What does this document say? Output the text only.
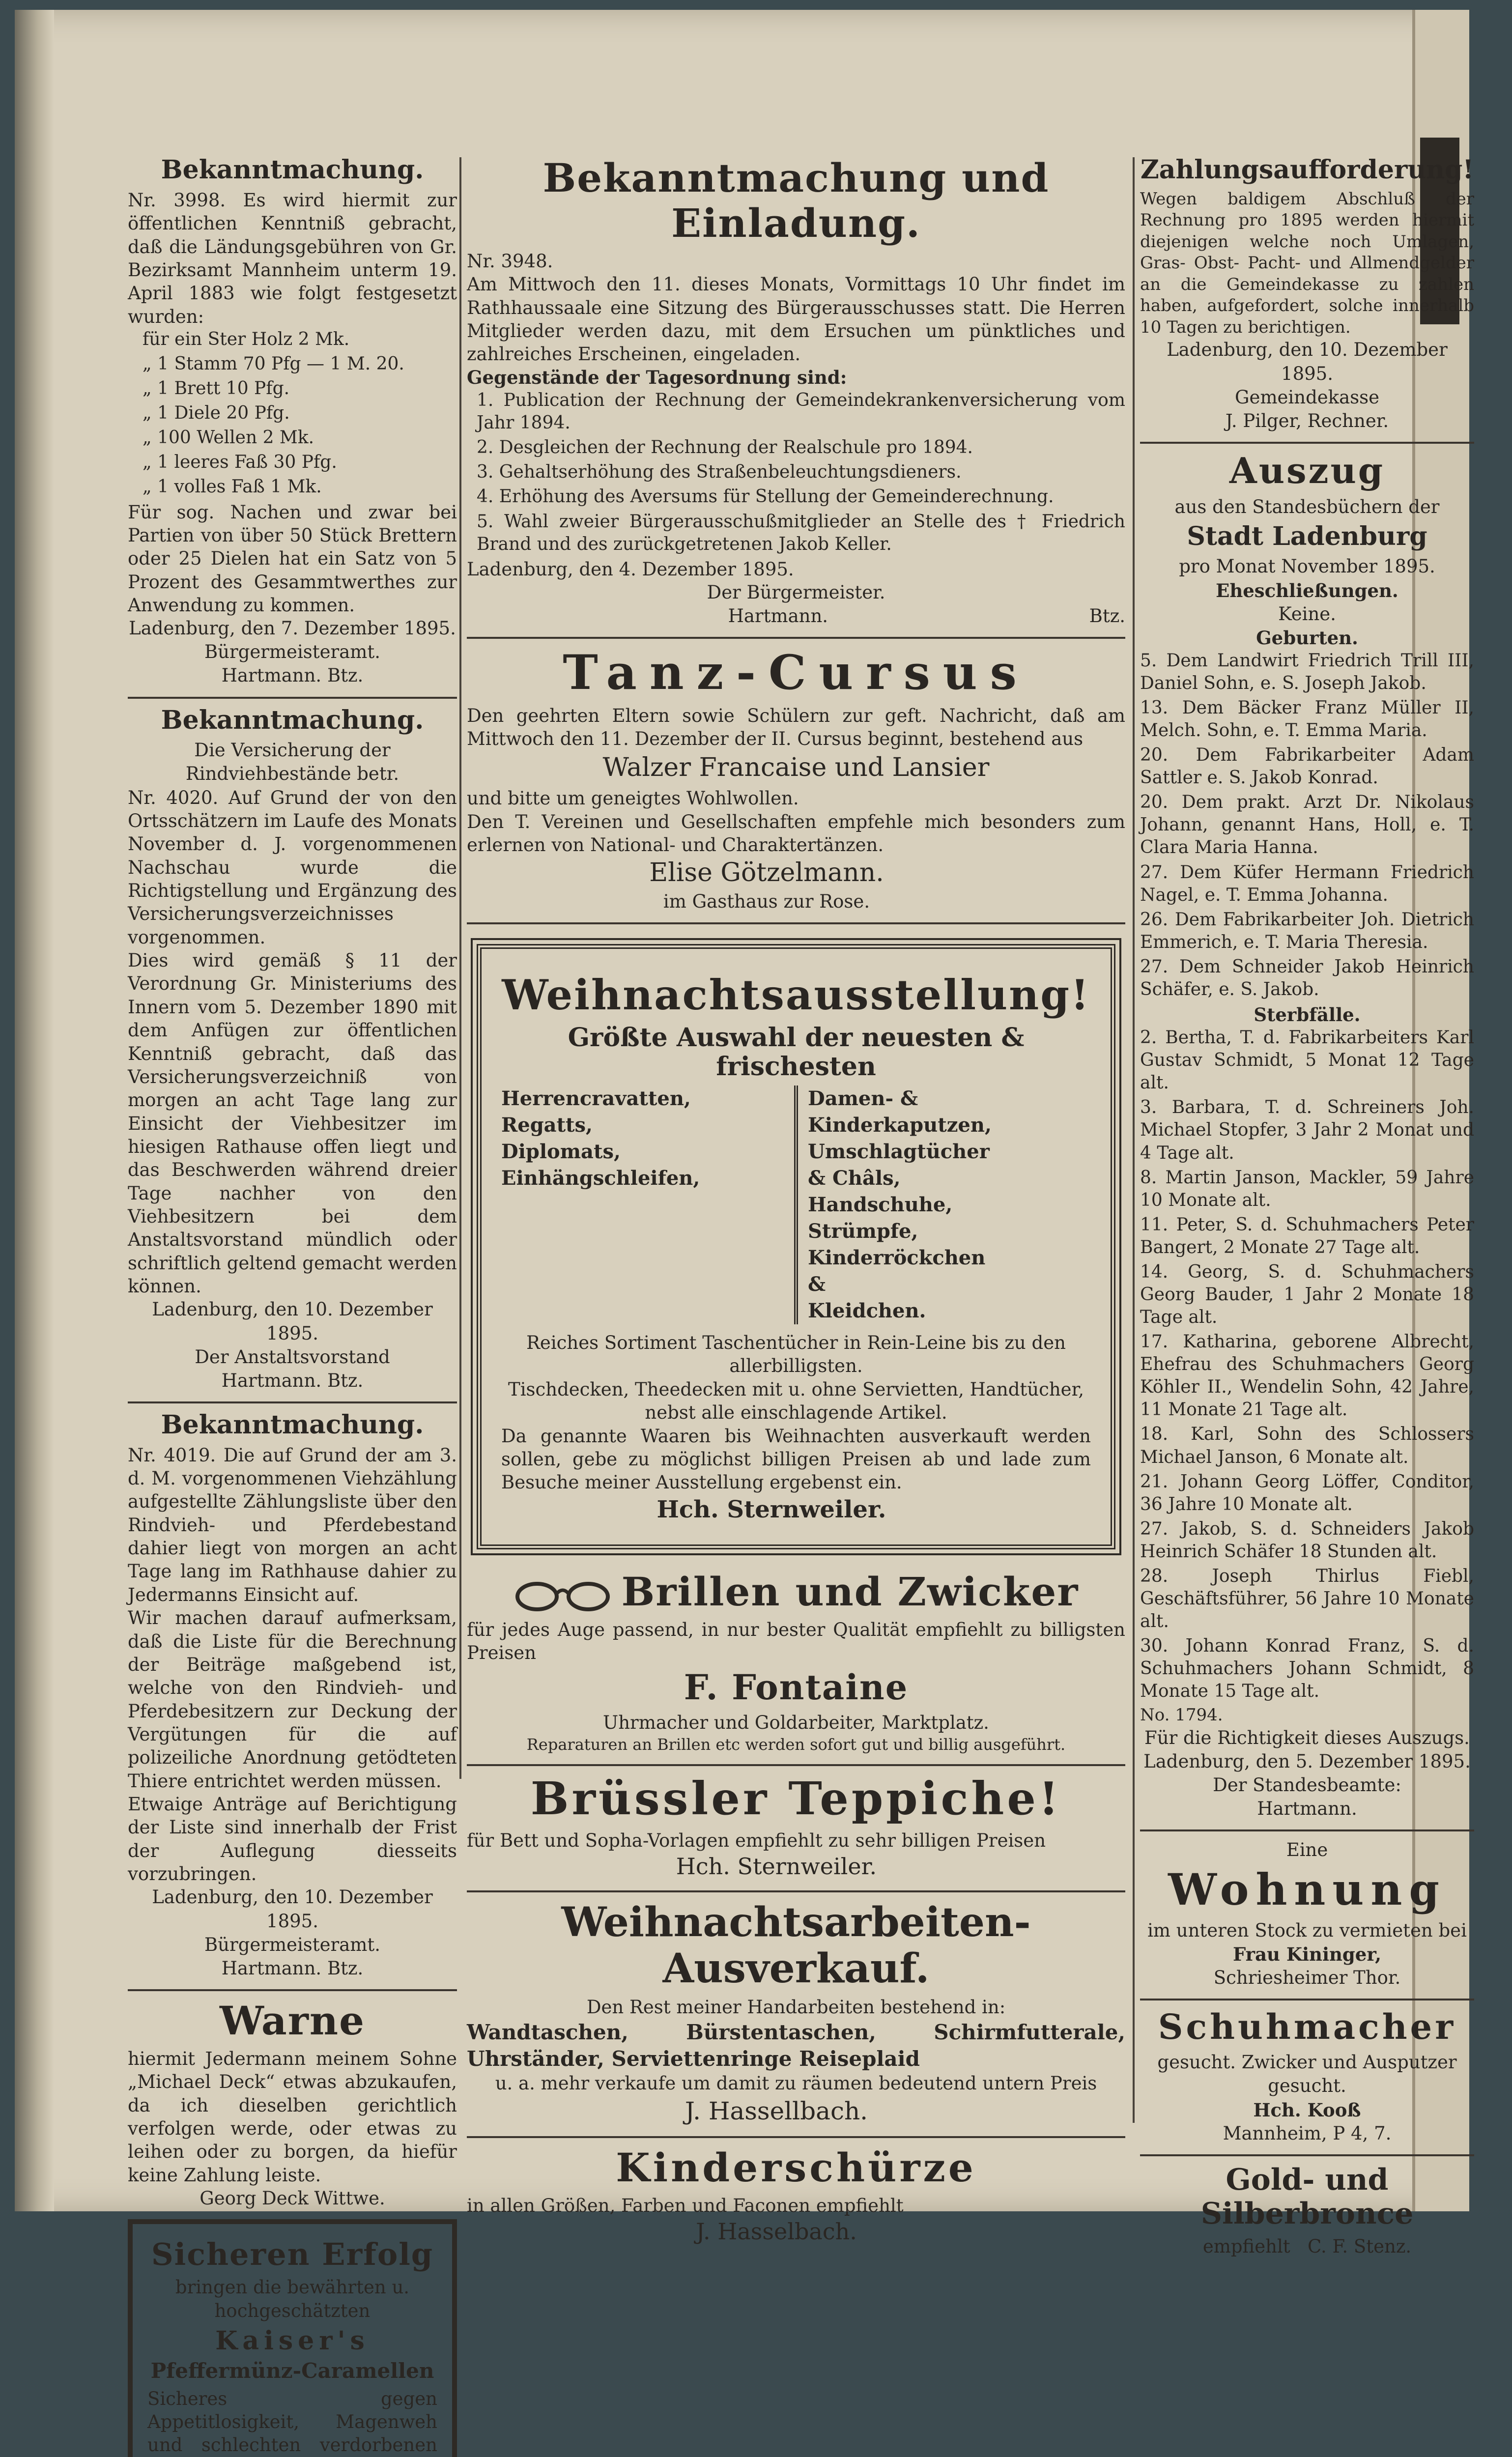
Bekanntmachung.

Nr. 3998. Es wird hiermit zur öffentlichen Kenntniß gebracht, daß die Ländungsgebühren von Gr. Bezirksamt Mannheim unterm 19. April 1883 wie folgt festgesetzt wurden:

für ein Ster Holz 2 Mk.
„ 1 Stamm 70 Pfg — 1 M. 20.
„ 1 Brett 10 Pfg.
„ 1 Diele 20 Pfg.
„ 100 Wellen 2 Mk.
„ 1 leeres Faß 30 Pfg.
„ 1 volles Faß 1 Mk.

Für sog. Nachen und zwar bei Partien von über 50 Stück Brettern oder 25 Dielen hat ein Satz von 5 Prozent des Gesammtwerthes zur Anwendung zu kommen.

Ladenburg, den 7. Dezember 1895.
Bürgermeisteramt.
Hartmann. Btz.
Bekanntmachung.
Die Versicherung der Rindviehbestände betr.

Nr. 4020. Auf Grund der von den Ortsschätzern im Laufe des Monats November d. J. vorgenommenen Nachschau wurde die Richtigstellung und Ergänzung des Versicherungsverzeichnisses vorgenommen.

Dies wird gemäß § 11 der Verordnung Gr. Ministeriums des Innern vom 5. Dezember 1890 mit dem Anfügen zur öffentlichen Kenntniß gebracht, daß das Versicherungsverzeichniß von morgen an acht Tage lang zur Einsicht der Viehbesitzer im hiesigen Rathause offen liegt und das Beschwerden während dreier Tage nachher von den Viehbesitzern bei dem Anstaltsvorstand mündlich oder schriftlich geltend gemacht werden können.

Ladenburg, den 10. Dezember 1895.
Der Anstaltsvorstand
Hartmann. Btz.
Bekanntmachung.

Nr. 4019. Die auf Grund der am 3. d. M. vorgenommenen Viehzählung aufgestellte Zählungsliste über den Rindvieh- und Pferdebestand dahier liegt von morgen an acht Tage lang im Rathhause dahier zu Jedermanns Einsicht auf.

Wir machen darauf aufmerksam, daß die Liste für die Berechnung der Beiträge maßgebend ist, welche von den Rindvieh- und Pferdebesitzern zur Deckung der Vergütungen für die auf polizeiliche Anordnung getödteten Thiere entrichtet werden müssen.

Etwaige Anträge auf Berichtigung der Liste sind innerhalb der Frist der Auflegung diesseits vorzubringen.

Ladenburg, den 10. Dezember 1895.
Bürgermeisteramt.
Hartmann. Btz.
Warne

hiermit Jedermann meinem Sohne „Michael Deck“ etwas abzukaufen, da ich dieselben gerichtlich verfolgen werde, oder etwas zu leihen oder zu borgen, da hiefür keine Zahlung leiste.

Georg Deck Wittwe.
Sicheren Erfolg
bringen die bewährten u. hochgeschätzten
Kaiser's
Pfeffermünz-Caramellen

Sicheres gegen Appetitlosigkeit, Magenweh und schlechten verdorbenen

Bekanntmachung und Einladung.

Nr. 3948.

Am Mittwoch den 11. dieses Monats, Vormittags 10 Uhr findet im Rathhaussaale eine Sitzung des Bürgerausschusses statt. Die Herren Mitglieder werden dazu, mit dem Ersuchen um pünktliches und zahlreiches Erscheinen, eingeladen.

Gegenstände der Tagesordnung sind:

1. Publication der Rechnung der Gemeindekrankenversicherung vom Jahr 1894.
2. Desgleichen der Rechnung der Realschule pro 1894.
3. Gehaltserhöhung des Straßenbeleuchtungsdieners.
4. Erhöhung des Aversums für Stellung der Gemeinderechnung.
5. Wahl zweier Bürgerausschußmitglieder an Stelle des † Friedrich Brand und des zurückgetretenen Jakob Keller.

Ladenburg, den 4. Dezember 1895.

Der Bürgermeister.
Hartmann.	Btz.
Tanz-Cursus

Den geehrten Eltern sowie Schülern zur geft. Nachricht, daß am Mittwoch den 11. Dezember der II. Cursus beginnt, bestehend aus

Walzer Francaise und Lansier

und bitte um geneigtes Wohlwollen.

Den T. Vereinen und Gesellschaften empfehle mich besonders zum erlernen von National- und Charaktertänzen.

Elise Götzelmann.
im Gasthaus zur Rose.
Weihnachtsausstellung!
Größte Auswahl der neuesten & frischesten
Herrencravatten,
Regatts,
Diplomats,
Einhängschleifen,
Damen- & Kinderkaputzen,
Umschlagtücher & Châls,
Handschuhe, Strümpfe,
Kinderröckchen & Kleidchen.

Reiches Sortiment Taschentücher in Rein-Leine bis zu den allerbilligsten.

Tischdecken, Theedecken mit u. ohne Servietten, Handtücher, nebst alle einschlagende Artikel.

Da genannte Waaren bis Weihnachten ausverkauft werden sollen, gebe zu möglichst billigen Preisen ab und lade zum Besuche meiner Ausstellung ergebenst ein.

Hch. Sternweiler.
Brillen und Zwicker

für jedes Auge passend, in nur bester Qualität empfiehlt zu billigsten Preisen

F. Fontaine
Uhrmacher und Goldarbeiter, Marktplatz.
Reparaturen an Brillen etc werden sofort gut und billig ausgeführt.
Brüssler Teppiche!

für Bett und Sopha-Vorlagen empfiehlt zu sehr billigen Preisen

Hch. Sternweiler.
Weihnachtsarbeiten-Ausverkauf.

Den Rest meiner Handarbeiten bestehend in:

Wandtaschen, Bürstentaschen, Schirmfutterale, Uhrständer, Serviettenringe Reiseplaid

u. a. mehr verkaufe um damit zu räumen bedeutend untern Preis

J. Hassellbach.
Kinderschürze

in allen Größen, Farben und Faconen empfiehlt

J. Hasselbach.
Zahlungsaufforderung!

Wegen baldigem Abschluß der Rechnung pro 1895 werden hiermit diejenigen welche noch Umlagen, Gras- Obst- Pacht- und Allmendgelder an die Gemeindekasse zu zahlen haben, aufgefordert, solche innerhalb 10 Tagen zu berichtigen.

Ladenburg, den 10. Dezember 1895.
Gemeindekasse
J. Pilger, Rechner.
Auszug
aus den Standesbüchern der
Stadt Ladenburg
pro Monat November 1895.
Eheschließungen.
Keine.
Geburten.
5. Dem Landwirt Friedrich Trill III, Daniel Sohn, e. S. Joseph Jakob.
13. Dem Bäcker Franz Müller II, Melch. Sohn, e. T. Emma Maria.
20. Dem Fabrikarbeiter Adam Sattler e. S. Jakob Konrad.
20. Dem prakt. Arzt Dr. Nikolaus Johann, genannt Hans, Holl, e. T. Clara Maria Hanna.
27. Dem Küfer Hermann Friedrich Nagel, e. T. Emma Johanna.
26. Dem Fabrikarbeiter Joh. Dietrich Emmerich, e. T. Maria Theresia.
27. Dem Schneider Jakob Heinrich Schäfer, e. S. Jakob.
Sterbfälle.
2. Bertha, T. d. Fabrikarbeiters Karl Gustav Schmidt, 5 Monat 12 Tage alt.
3. Barbara, T. d. Schreiners Joh. Michael Stopfer, 3 Jahr 2 Monat und 4 Tage alt.
8. Martin Janson, Mackler, 59 Jahre 10 Monate alt.
11. Peter, S. d. Schuhmachers Peter Bangert, 2 Monate 27 Tage alt.
14. Georg, S. d. Schuhmachers Georg Bauder, 1 Jahr 2 Monate 18 Tage alt.
17. Katharina, geborene Albrecht, Ehefrau des Schuhmachers Georg Köhler II., Wendelin Sohn, 42 Jahre, 11 Monate 21 Tage alt.
18. Karl, Sohn des Schlossers Michael Janson, 6 Monate alt.
21. Johann Georg Löffer, Conditor, 36 Jahre 10 Monate alt.
27. Jakob, S. d. Schneiders Jakob Heinrich Schäfer 18 Stunden alt.
28. Joseph Thirlus Fiebl, Geschäftsführer, 56 Jahre 10 Monate alt.
30. Johann Konrad Franz, S. d. Schuhmachers Johann Schmidt, 8 Monate 15 Tage alt.

No. 1794.

Für die Richtigkeit dieses Auszugs.
Ladenburg, den 5. Dezember 1895.
Der Standesbeamte:
Hartmann.
Eine
Wohnung
im unteren Stock zu vermieten bei
Frau Kininger,
Schriesheimer Thor.
Schuhmacher
gesucht. Zwicker und Ausputzer gesucht.
Hch. Kooß
Mannheim, P 4, 7.
Gold- und Silberbronce
empfiehlt C. F. Stenz.
